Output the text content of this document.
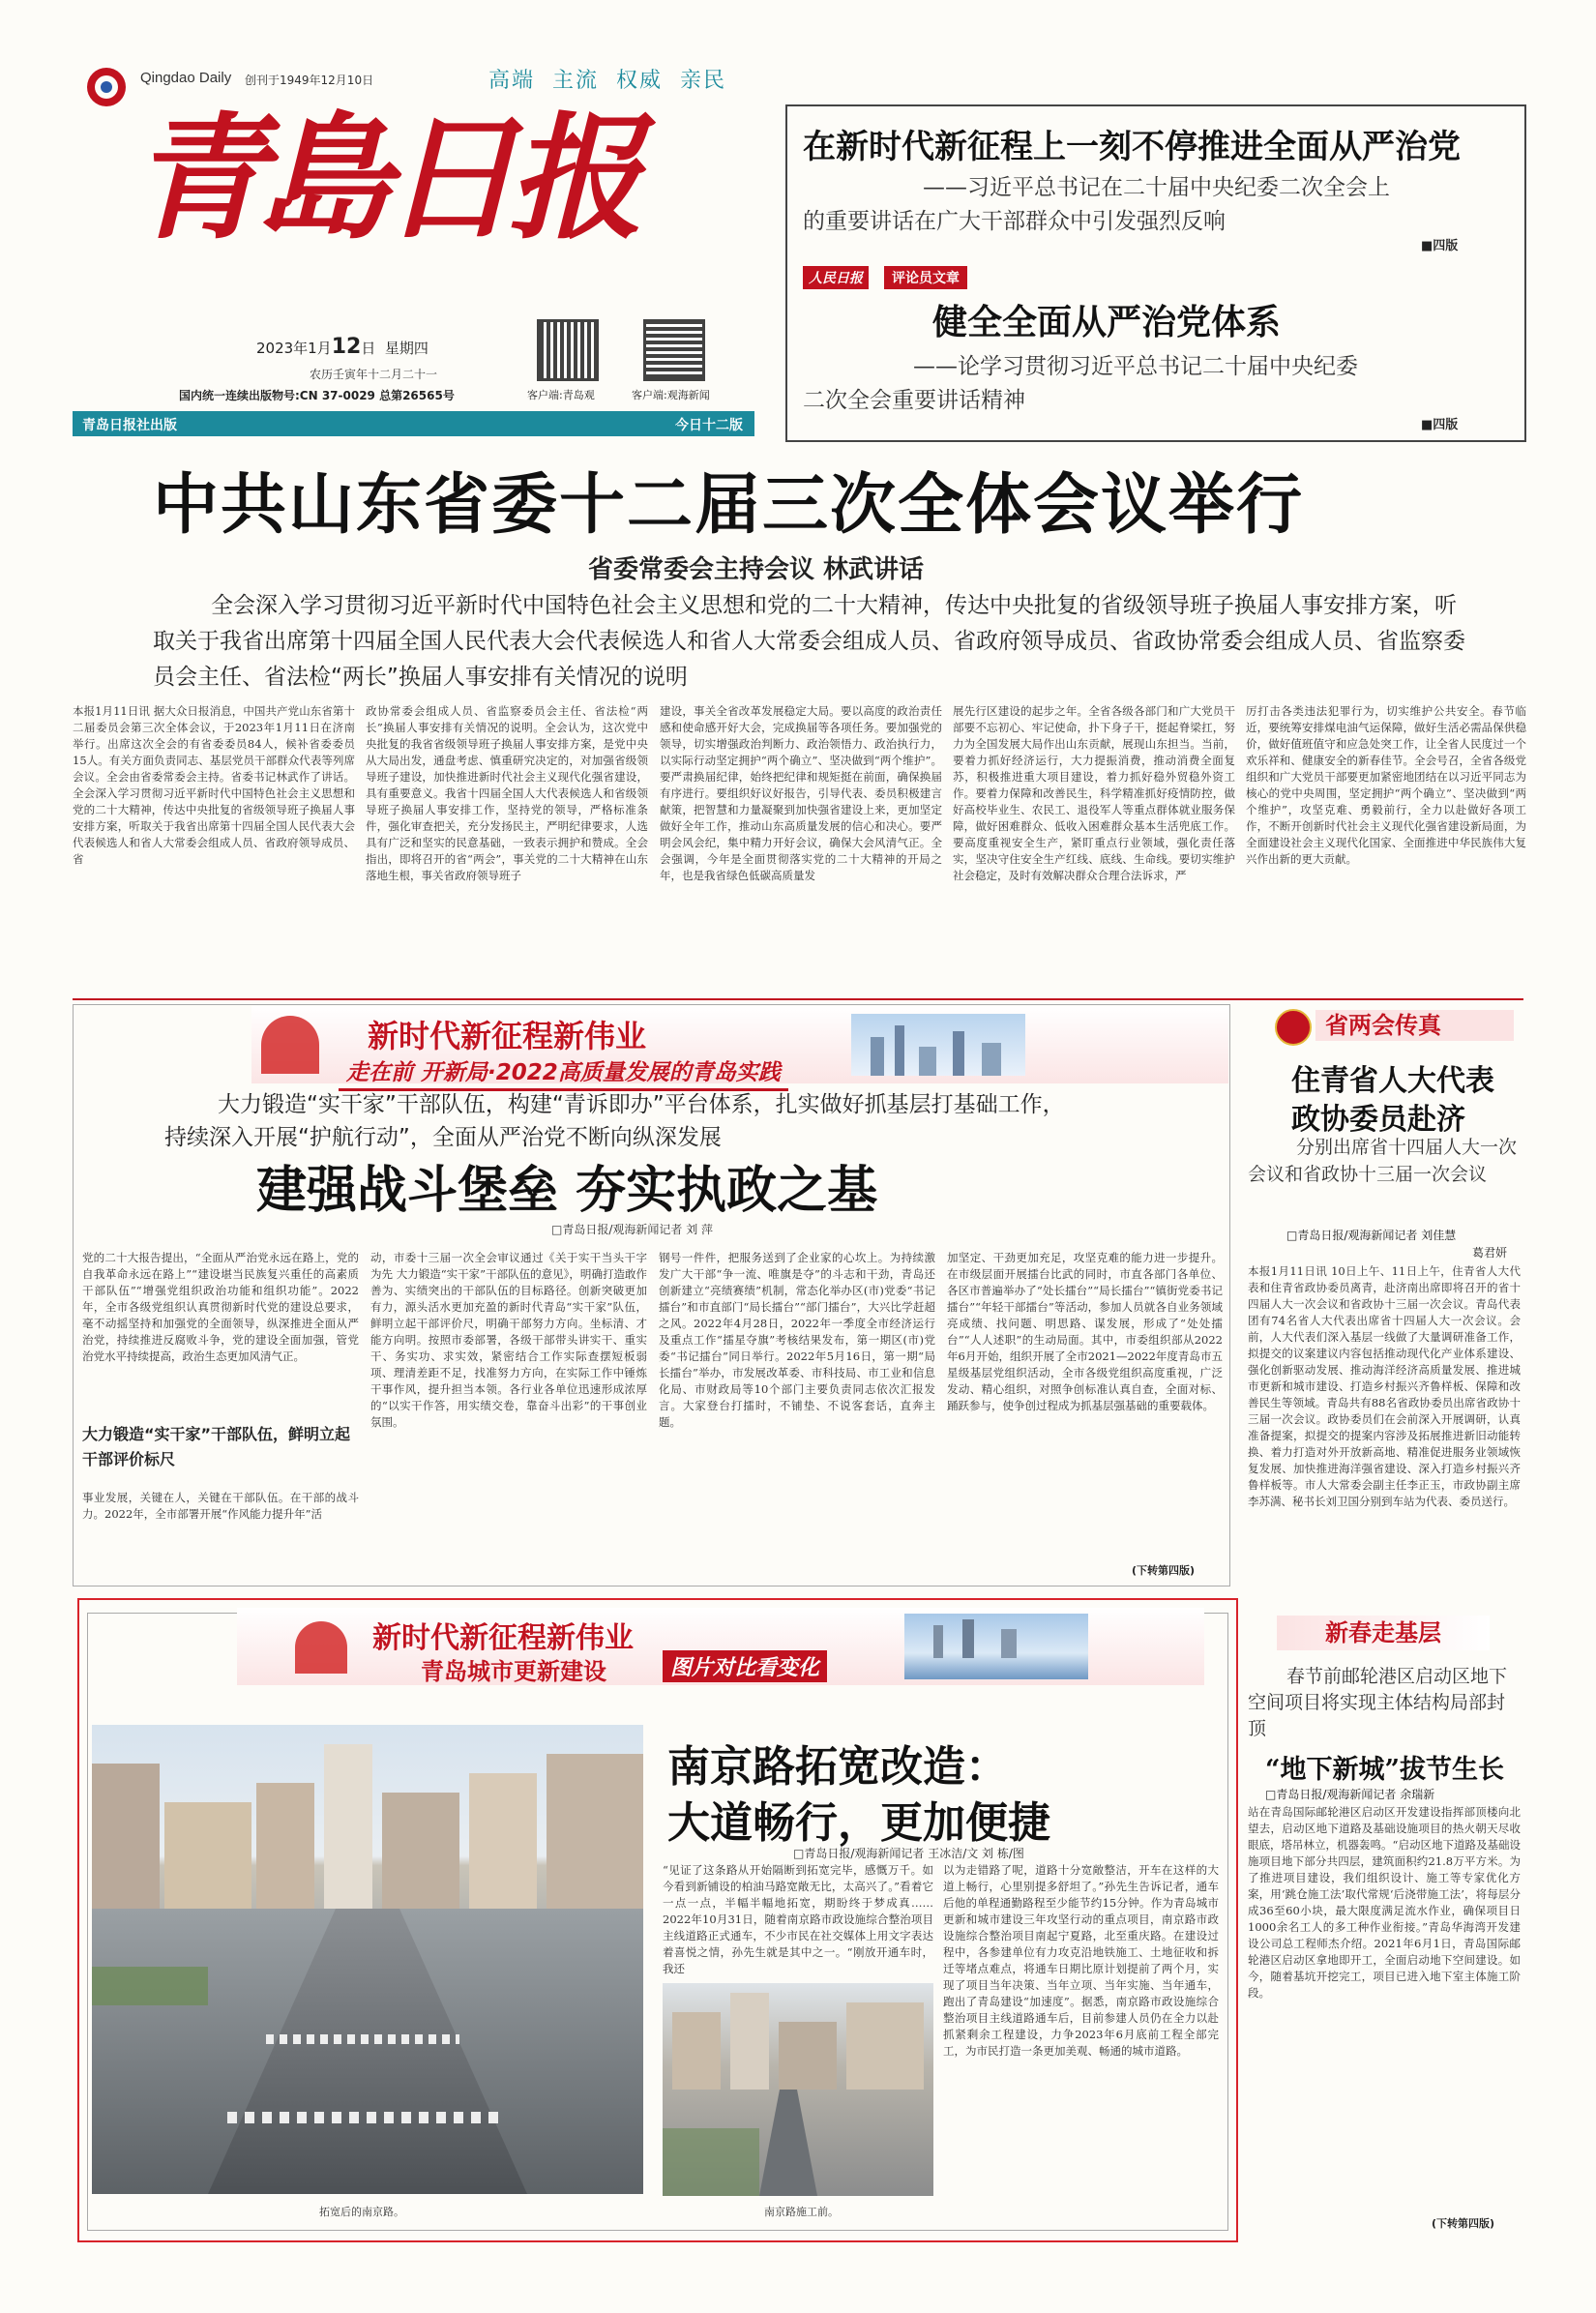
Qingdao Daily 创刊于1949年12月10日	高端 主流 权威 亲民
青島日报
2023年1月12日 星期四
农历壬寅年十二月二十一
国内统一连续出版物号:CN 37-0029 总第26565号	客户端:青岛观	客户端:观海新闻
青岛日报社出版	今日十二版
在新时代新征程上一刻不停推进全面从严治党
——习近平总书记在二十届中央纪委二次全会上
的重要讲话在广大干部群众中引发强烈反响
■四版
人民日报	评论员文章
健全全面从严治党体系
——论学习贯彻习近平总书记二十届中央纪委
二次全会重要讲话精神
■四版
中共山东省委十二届三次全体会议举行
省委常委会主持会议 林武讲话
全会深入学习贯彻习近平新时代中国特色社会主义思想和党的二十大精神，传达中央批复的省级领导班子换届人事安排方案，听取关于我省出席第十四届全国人民代表大会代表候选人和省人大常委会组成人员、省政府领导成员、省政协常委会组成人员、省监察委员会主任、省法检“两长”换届人事安排有关情况的说明
本报1月11日讯 据大众日报消息，中国共产党山东省第十二届委员会第三次全体会议，于2023年1月11日在济南举行。出席这次全会的有省委委员84人，候补省委委员15人。有关方面负责同志、基层党员干部群众代表等列席会议。全会由省委常委会主持。省委书记林武作了讲话。全会深入学习贯彻习近平新时代中国特色社会主义思想和党的二十大精神，传达中央批复的省级领导班子换届人事安排方案，听取关于我省出席第十四届全国人民代表大会代表候选人和省人大常委会组成人员、省政府领导成员、省
政协常委会组成人员、省监察委员会主任、省法检“两长”换届人事安排有关情况的说明。全会认为，这次党中央批复的我省省级领导班子换届人事安排方案，是党中央从大局出发，通盘考虑、慎重研究决定的，对加强省级领导班子建设，加快推进新时代社会主义现代化强省建设，具有重要意义。我省十四届全国人大代表候选人和省级领导班子换届人事安排工作，坚持党的领导，严格标准条件，强化审查把关，充分发扬民主，严明纪律要求，人选具有广泛和坚实的民意基础，一致表示拥护和赞成。全会指出，即将召开的省“两会”，事关党的二十大精神在山东落地生根，事关省政府领导班子
建设，事关全省改革发展稳定大局。要以高度的政治责任感和使命感开好大会，完成换届等各项任务。要加强党的领导，切实增强政治判断力、政治领悟力、政治执行力，以实际行动坚定拥护“两个确立”、坚决做到“两个维护”。要严肃换届纪律，始终把纪律和规矩挺在前面，确保换届有序进行。要组织好议好报告，引导代表、委员积极建言献策，把智慧和力量凝聚到加快强省建设上来，更加坚定做好全年工作，推动山东高质量发展的信心和决心。要严明会风会纪，集中精力开好会议，确保大会风清气正。全会强调，今年是全面贯彻落实党的二十大精神的开局之年，也是我省绿色低碳高质量发
展先行区建设的起步之年。全省各级各部门和广大党员干部要不忘初心、牢记使命，扑下身子干，挺起脊梁扛，努力为全国发展大局作出山东贡献，展现山东担当。当前，要着力抓好经济运行，大力提振消费，推动消费全面复苏，积极推进重大项目建设，着力抓好稳外贸稳外资工作。要着力保障和改善民生，科学精准抓好疫情防控，做好高校毕业生、农民工、退役军人等重点群体就业服务保障，做好困难群众、低收入困难群众基本生活兜底工作。要高度重视安全生产，紧盯重点行业领域，强化责任落实，坚决守住安全生产红线、底线、生命线。要切实维护社会稳定，及时有效解决群众合理合法诉求，严
厉打击各类违法犯罪行为，切实维护公共安全。春节临近，要统筹安排煤电油气运保障，做好生活必需品保供稳价，做好值班值守和应急处突工作，让全省人民度过一个欢乐祥和、健康安全的新春佳节。全会号召，全省各级党组织和广大党员干部要更加紧密地团结在以习近平同志为核心的党中央周围，坚定拥护“两个确立”、坚决做到“两个维护”，攻坚克难、勇毅前行，全力以赴做好各项工作，不断开创新时代社会主义现代化强省建设新局面，为全面建设社会主义现代化国家、全面推进中华民族伟大复兴作出新的更大贡献。
新时代新征程新伟业
走在前 开新局·2022高质量发展的青岛实践
大力锻造“实干家”干部队伍，构建“青诉即办”平台体系，扎实做好抓基层打基础工作，
持续深入开展“护航行动”，全面从严治党不断向纵深发展
建强战斗堡垒 夯实执政之基
□青岛日报/观海新闻记者 刘 萍
党的二十大报告提出，“全面从严治党永远在路上，党的自我革命永远在路上”“建设堪当民族复兴重任的高素质干部队伍”“增强党组织政治功能和组织功能”。2022年，全市各级党组织认真贯彻新时代党的建设总要求，毫不动摇坚持和加强党的全面领导，纵深推进全面从严治党，持续推进反腐败斗争，党的建设全面加强，管党治党水平持续提高，政治生态更加风清气正。
大力锻造“实干家”干部队伍，鲜明立起干部评价标尺
事业发展，关键在人，关键在干部队伍。在干部的战斗力。2022年，全市部署开展“作风能力提升年”活
动，市委十三届一次全会审议通过《关于实干当头干字为先 大力锻造“实干家”干部队伍的意见》，明确打造敢作善为、实绩突出的干部队伍的目标路径。创新突破更加有力，源头活水更加充盈的新时代青岛“实干家”队伍，鲜明立起干部评价尺，明确干部努力方向。坐标清、才能方向明。按照市委部署，各级干部带头讲实干、重实干、务实功、求实效，紧密结合工作实际查摆短板弱项、理清差距不足，找准努力方向，在实际工作中锤炼干事作风，提升担当本领。各行业各单位迅速形成浓厚的“以实干作答，用实绩交卷，靠奋斗出彩”的干事创业氛围。
钢号一件件，把服务送到了企业家的心坎上。为持续激发广大干部“争一流、唯旗是夺”的斗志和干劲，青岛还创新建立“亮绩赛绩”机制，常态化举办区(市)党委“书记擂台”和市直部门“局长擂台”“部门擂台”，大兴比学赶超之风。2022年4月28日，2022年一季度全市经济运行及重点工作“擂星夺旗”考核结果发布，第一期区(市)党委“书记擂台”同日举行。2022年5月16日，第一期“局长擂台”举办，市发展改革委、市科技局、市工业和信息化局、市财政局等10个部门主要负责同志依次汇报发言。大家登台打擂时，不铺垫、不说客套话，直奔主题。
加坚定、干劲更加充足，攻坚克难的能力进一步提升。在市级层面开展擂台比武的同时，市直各部门各单位、各区市普遍举办了“处长擂台”“局长擂台”“镇街党委书记擂台”“年轻干部擂台”等活动，参加人员就各自业务领域亮成绩、找问题、明思路、谋发展，形成了“处处擂台”“人人述职”的生动局面。其中，市委组织部从2022年6月开始，组织开展了全市2021—2022年度青岛市五星级基层党组织活动，全市各级党组织高度重视，广泛发动、精心组织，对照争创标准认真自查，全面对标、踊跃参与，使争创过程成为抓基层强基础的重要载体。
(下转第四版)
省两会传真
住青省人大代表
政协委员赴济
分别出席省十四届人大一次会议和省政协十三届一次会议
□青岛日报/观海新闻记者 刘佳慧
葛君妍
本报1月11日讯 10日上午、11日上午，住青省人大代表和住青省政协委员离青，赴济南出席即将召开的省十四届人大一次会议和省政协十三届一次会议。青岛代表团有74名省人大代表出席省十四届人大一次会议。会前，人大代表们深入基层一线做了大量调研准备工作，拟提交的议案建议内容包括推动现代化产业体系建设、强化创新驱动发展、推动海洋经济高质量发展、推进城市更新和城市建设、打造乡村振兴齐鲁样板、保障和改善民生等领域。青岛共有88名省政协委员出席省政协十三届一次会议。政协委员们在会前深入开展调研，认真准备提案，拟提交的提案内容涉及拓展推进新旧动能转换、着力打造对外开放新高地、精准促进服务业领域恢复发展、加快推进海洋强省建设、深入打造乡村振兴齐鲁样板等。市人大常委会副主任李正玉，市政协副主席李苏满、秘书长刘卫国分别到车站为代表、委员送行。
新时代新征程新伟业
青岛城市更新建设	图片对比看变化
拓宽后的南京路。
南京路拓宽改造：
大道畅行，更加便捷
□青岛日报/观海新闻记者 王冰洁/文 刘 栋/图
“见证了这条路从开始隔断到拓宽完毕，感慨万千。如今看到新铺设的柏油马路宽敞无比，太高兴了。”看着它一点一点，半幅半幅地拓宽，期盼终于梦成真……2022年10月31日，随着南京路市政设施综合整治项目主线道路正式通车，不少市民在社交媒体上用文字表达着喜悦之情，孙先生就是其中之一。“刚放开通车时，我还
以为走错路了呢，道路十分宽敞整洁，开车在这样的大道上畅行，心里别提多舒坦了。”孙先生告诉记者，通车后他的单程通勤路程至少能节约15分钟。作为青岛城市更新和城市建设三年攻坚行动的重点项目，南京路市政设施综合整治项目南起宁夏路，北至重庆路。在建设过程中，各参建单位有力攻克沿地铁施工、土地征收和拆迁等堵点难点，将通车日期比原计划提前了两个月，实现了项目当年决策、当年立项、当年实施、当年通车，跑出了青岛建设“加速度”。据悉，南京路市政设施综合整治项目主线道路通车后，目前参建人员仍在全力以赴抓紧剩余工程建设，力争2023年6月底前工程全部完工，为市民打造一条更加美观、畅通的城市道路。
南京路施工前。
新春走基层
春节前邮轮港区启动区地下空间项目将实现主体结构局部封顶
“地下新城”拔节生长
□青岛日报/观海新闻记者 余瑞新
站在青岛国际邮轮港区启动区开发建设指挥部顶楼向北望去，启动区地下道路及基础设施项目的热火朝天尽收眼底，塔吊林立，机器轰鸣。“启动区地下道路及基础设施项目地下部分共四层，建筑面积约21.8万平方米。为了推进项目建设，我们组织设计、施工等专家优化方案，用‘跳仓施工法’取代常规‘后浇带施工法’，将每层分成36至60小块，最大限度满足流水作业，确保项目日1000余名工人的多工种作业衔接。”青岛华海湾开发建设公司总工程师杰介绍。2021年6月1日，青岛国际邮轮港区启动区拿地即开工，全面启动地下空间建设。如今，随着基坑开挖完工，项目已进入地下室主体施工阶段。
(下转第四版)
